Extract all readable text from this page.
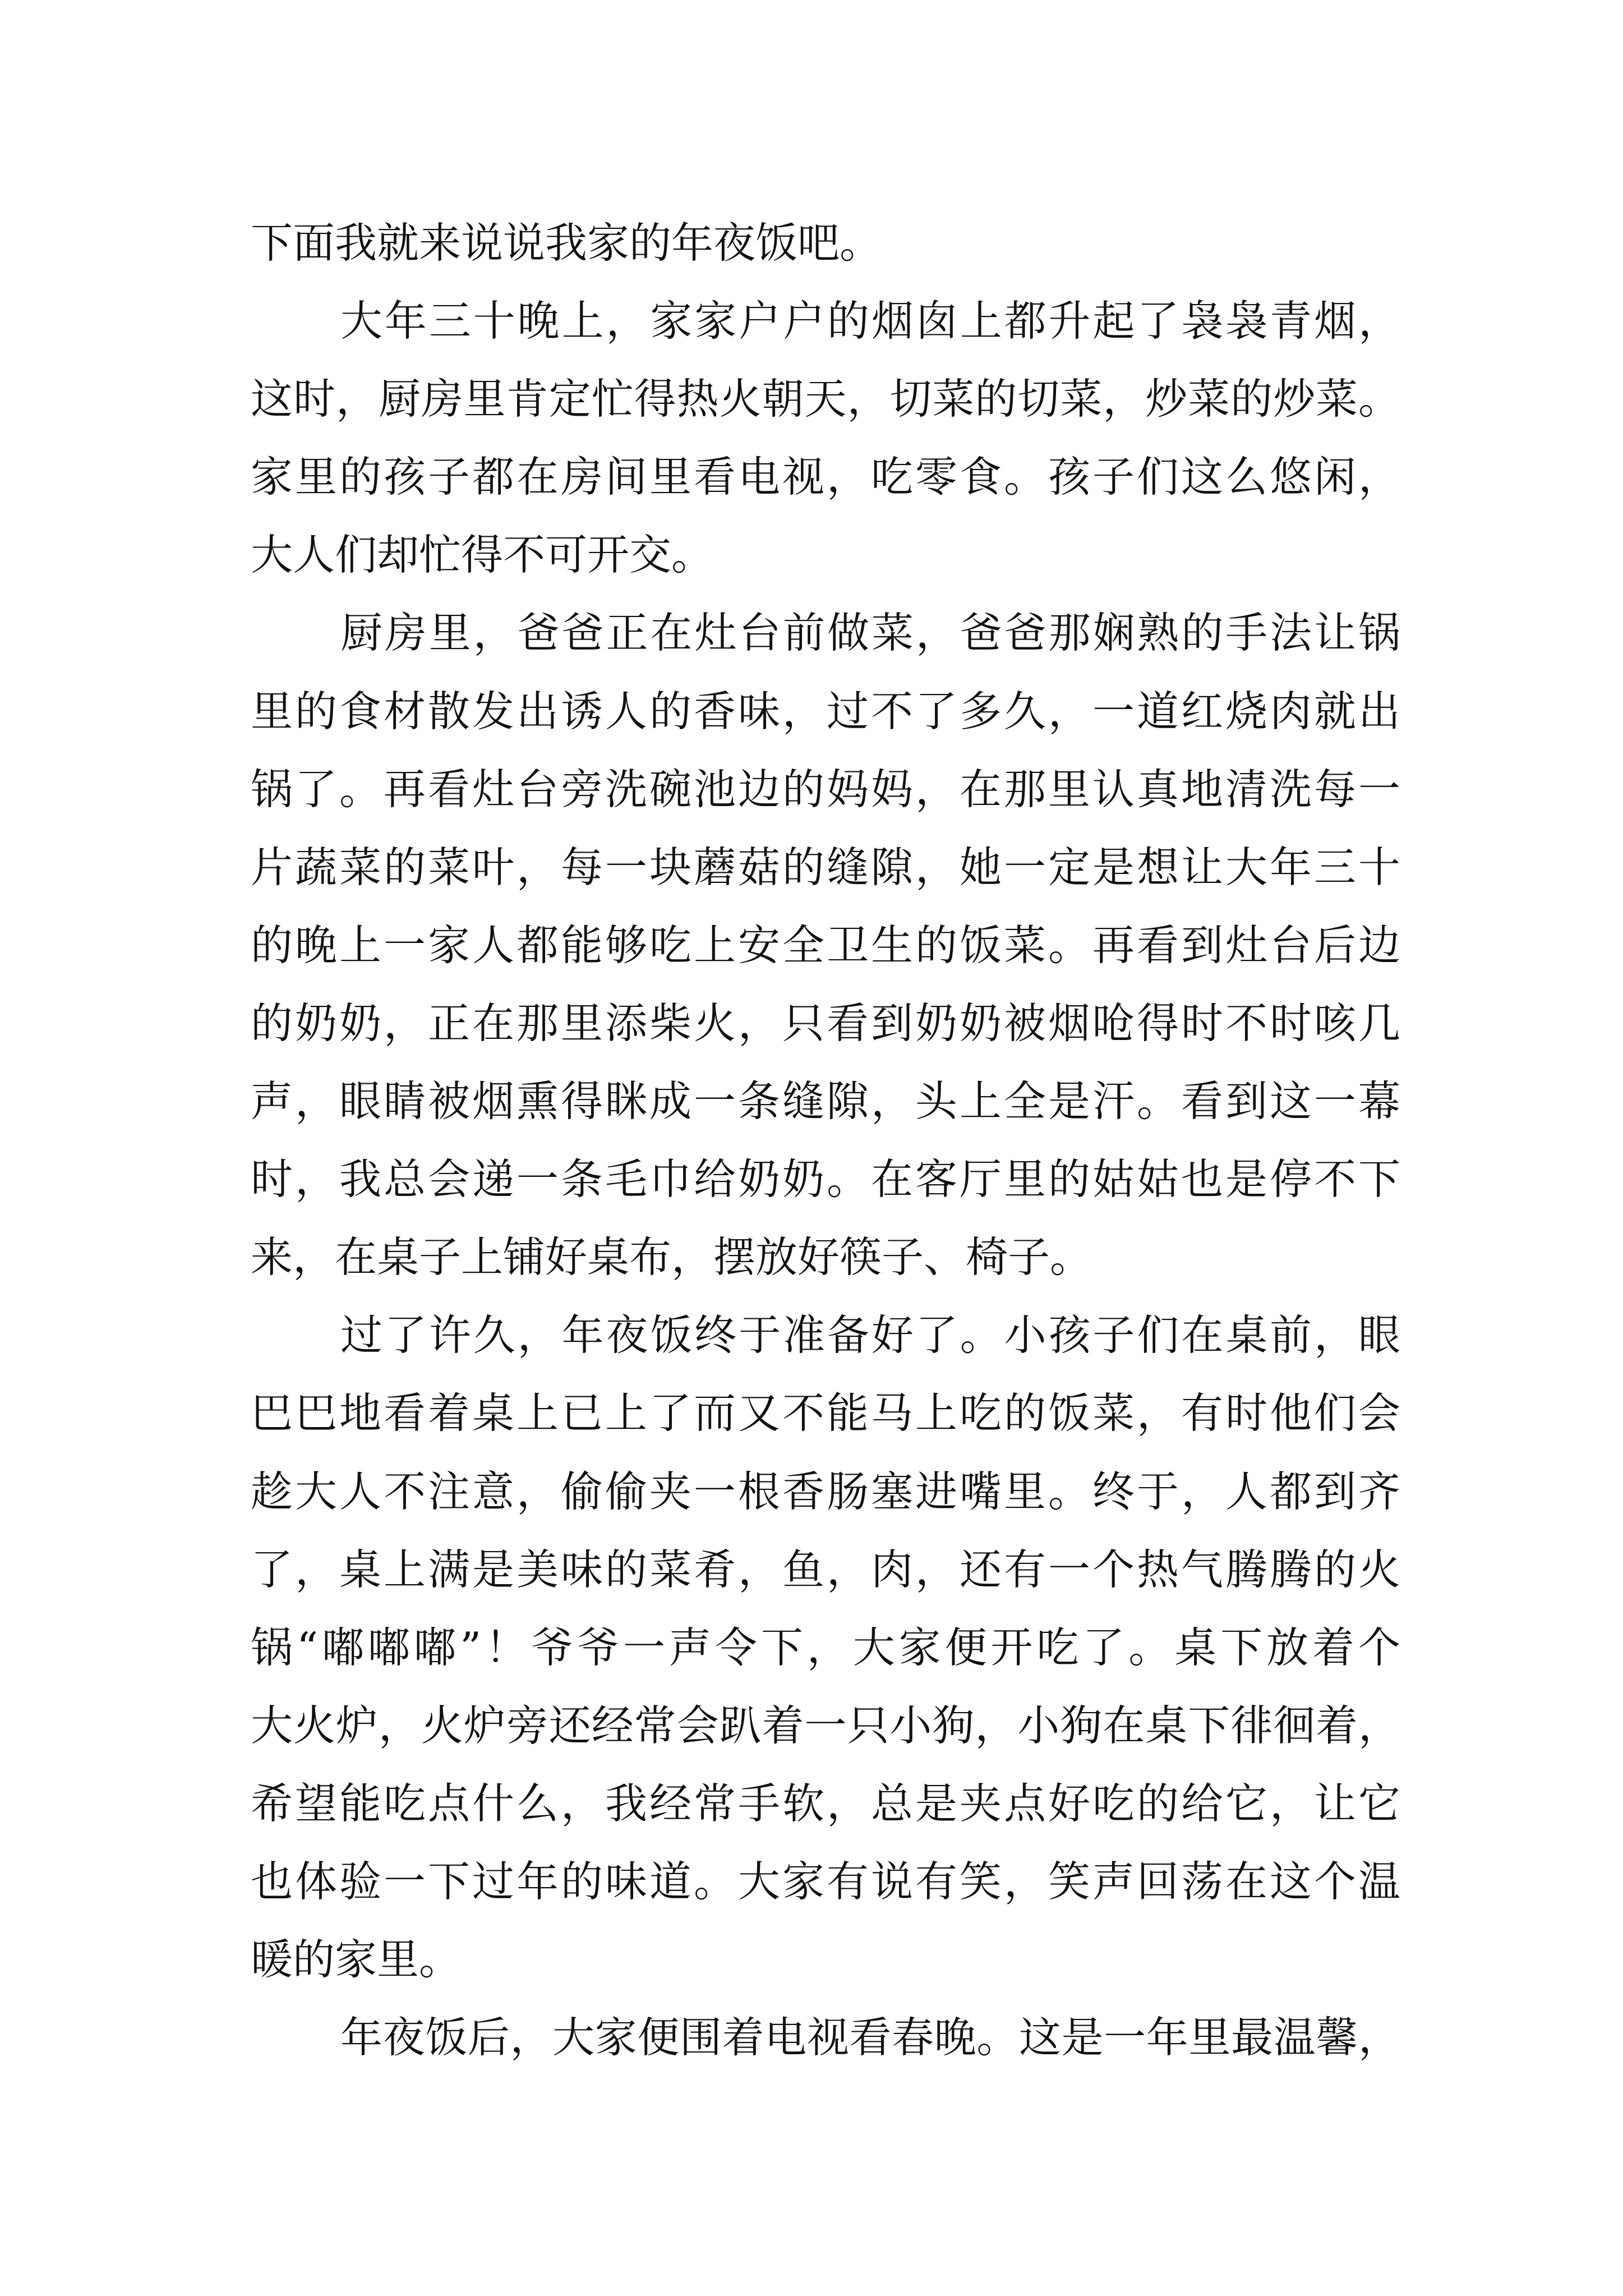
下面我就来说说我家的年夜饭吧。
大年三十晚上，家家户户的烟囱上都升起了袅袅青烟，
这时，厨房里肯定忙得热火朝天，切菜的切菜，炒菜的炒菜。
家里的孩子都在房间里看电视，吃零食。孩子们这么悠闲，
大人们却忙得不可开交。
厨房里，爸爸正在灶台前做菜，爸爸那娴熟的手法让锅
里的食材散发出诱人的香味，过不了多久，一道红烧肉就出
锅了。再看灶台旁洗碗池边的妈妈，在那里认真地清洗每一
片蔬菜的菜叶，每一块蘑菇的缝隙，她一定是想让大年三十
的晚上一家人都能够吃上安全卫生的饭菜。再看到灶台后边
的奶奶，正在那里添柴火，只看到奶奶被烟呛得时不时咳几
声，眼睛被烟熏得眯成一条缝隙，头上全是汗。看到这一幕
时，我总会递一条毛巾给奶奶。在客厅里的姑姑也是停不下
来，在桌子上铺好桌布，摆放好筷子、椅子。
过了许久，年夜饭终于准备好了。小孩子们在桌前，眼
巴巴地看着桌上已上了而又不能马上吃的饭菜，有时他们会
趁大人不注意，偷偷夹一根香肠塞进嘴里。终于，人都到齐
了，桌上满是美味的菜肴，鱼，肉，还有一个热气腾腾的火
锅“嘟嘟嘟”！爷爷一声令下，大家便开吃了。桌下放着个
大火炉，火炉旁还经常会趴着一只小狗，小狗在桌下徘徊着，
希望能吃点什么，我经常手软，总是夹点好吃的给它，让它
也体验一下过年的味道。大家有说有笑，笑声回荡在这个温
暖的家里。
年夜饭后，大家便围着电视看春晚。这是一年里最温馨，
